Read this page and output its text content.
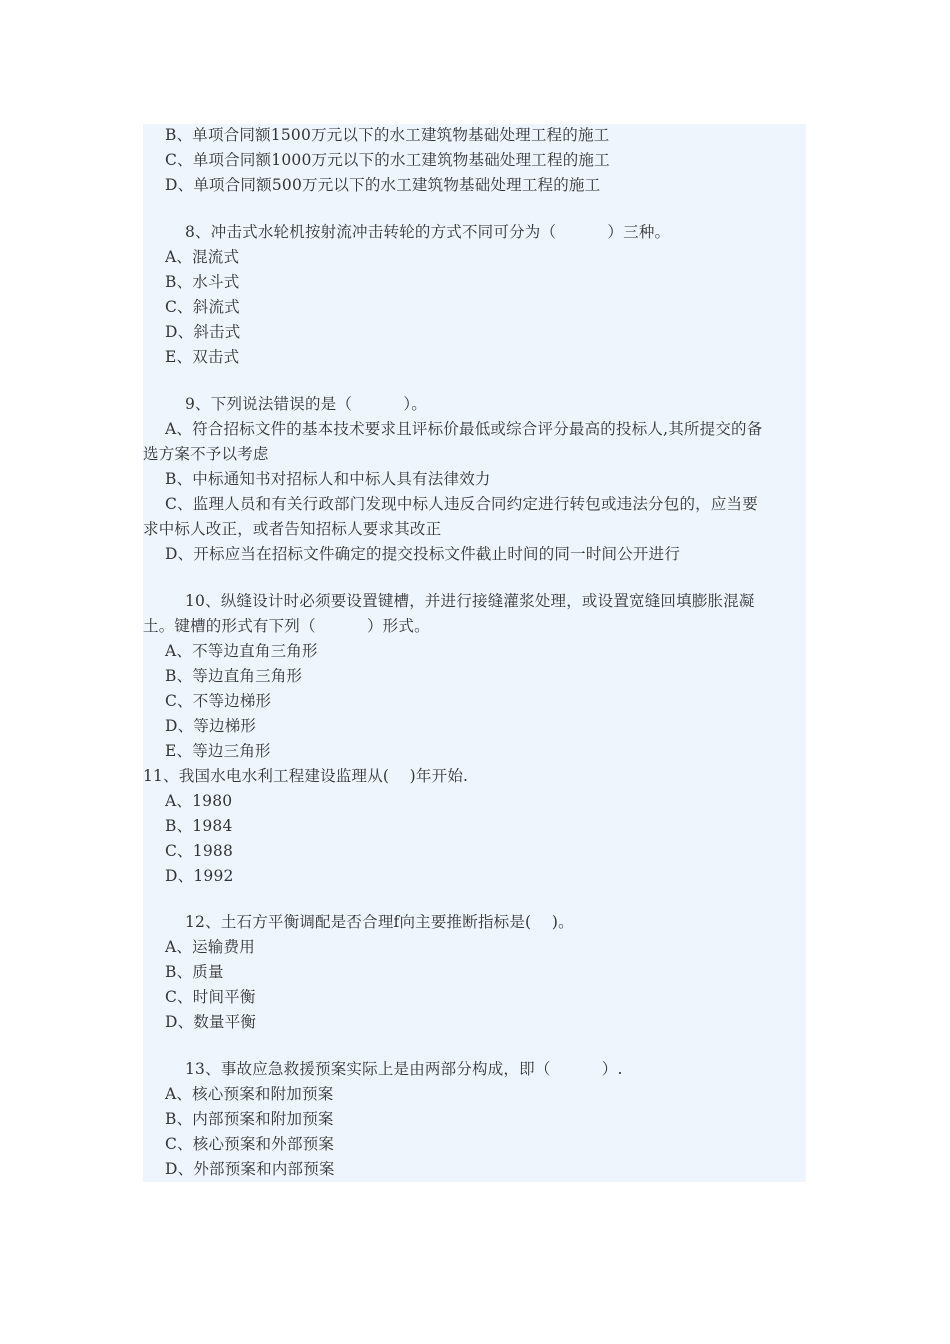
B、单项合同额1500万元以下的水工建筑物基础处理工程的施工
C、单项合同额1000万元以下的水工建筑物基础处理工程的施工
D、单项合同额500万元以下的水工建筑物基础处理工程的施工
8、冲击式水轮机按射流冲击转轮的方式不同可分为（          ）三种。
A、混流式
B、水斗式
C、斜流式
D、斜击式
E、双击式
9、下列说法错误的是（          ）。
A、符合招标文件的基本技术要求且评标价最低或综合评分最高的投标人,其所提交的备
选方案不予以考虑
B、中标通知书对招标人和中标人具有法律效力
C、监理人员和有关行政部门发现中标人违反合同约定进行转包或违法分包的，应当要
求中标人改正，或者告知招标人要求其改正
D、开标应当在招标文件确定的提交投标文件截止时间的同一时间公开进行
10、纵缝设计时必须要设置键槽，并进行接缝灌浆处理，或设置宽缝回填膨胀混凝
土。键槽的形式有下列（          ）形式。
A、不等边直角三角形
B、等边直角三角形
C、不等边梯形
D、等边梯形
E、等边三角形
11、我国水电水利工程建设监理从(    )年开始.
A、1980
B、1984
C、1988
D、1992
12、土石方平衡调配是否合理f向主要推断指标是(    )。
A、运输费用
B、质量
C、时间平衡
D、数量平衡
13、事故应急救援预案实际上是由两部分构成，即（          ）.
A、核心预案和附加预案
B、内部预案和附加预案
C、核心预案和外部预案
D、外部预案和内部预案
